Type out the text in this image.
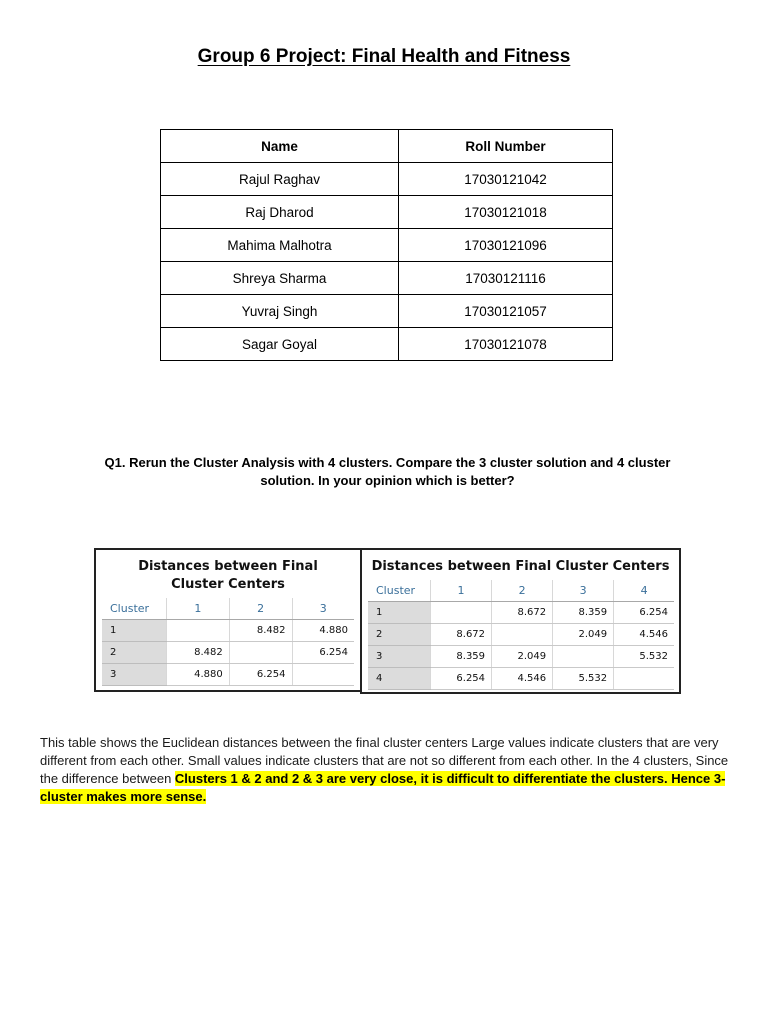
Group 6 Project: Final Health and Fitness
Name	Roll Number
Rajul Raghav	17030121042
Raj Dharod	17030121018
Mahima Malhotra	17030121096
Shreya Sharma	17030121116
Yuvraj Singh	17030121057
Sagar Goyal	17030121078
Q1. Rerun the Cluster Analysis with 4 clusters. Compare the 3 cluster solution and 4 cluster
solution. In your opinion which is better?
Distances between Final Cluster Centers
Cluster	1	2	3
1		8.482	4.880
2	8.482		6.254
3	4.880	6.254	
Distances between Final Cluster Centers
Cluster	1	2	3	4
1		8.672	8.359	6.254
2	8.672		2.049	4.546
3	8.359	2.049		5.532
4	6.254	4.546	5.532	
This table shows the Euclidean distances between the final cluster centers Large values indicate clusters that are very different from each other. Small values indicate clusters that are not so different from each other. In the 4 clusters, Since the difference between Clusters 1 & 2 and 2 & 3 are very close, it is difficult to differentiate the clusters. Hence 3-cluster makes more sense.
